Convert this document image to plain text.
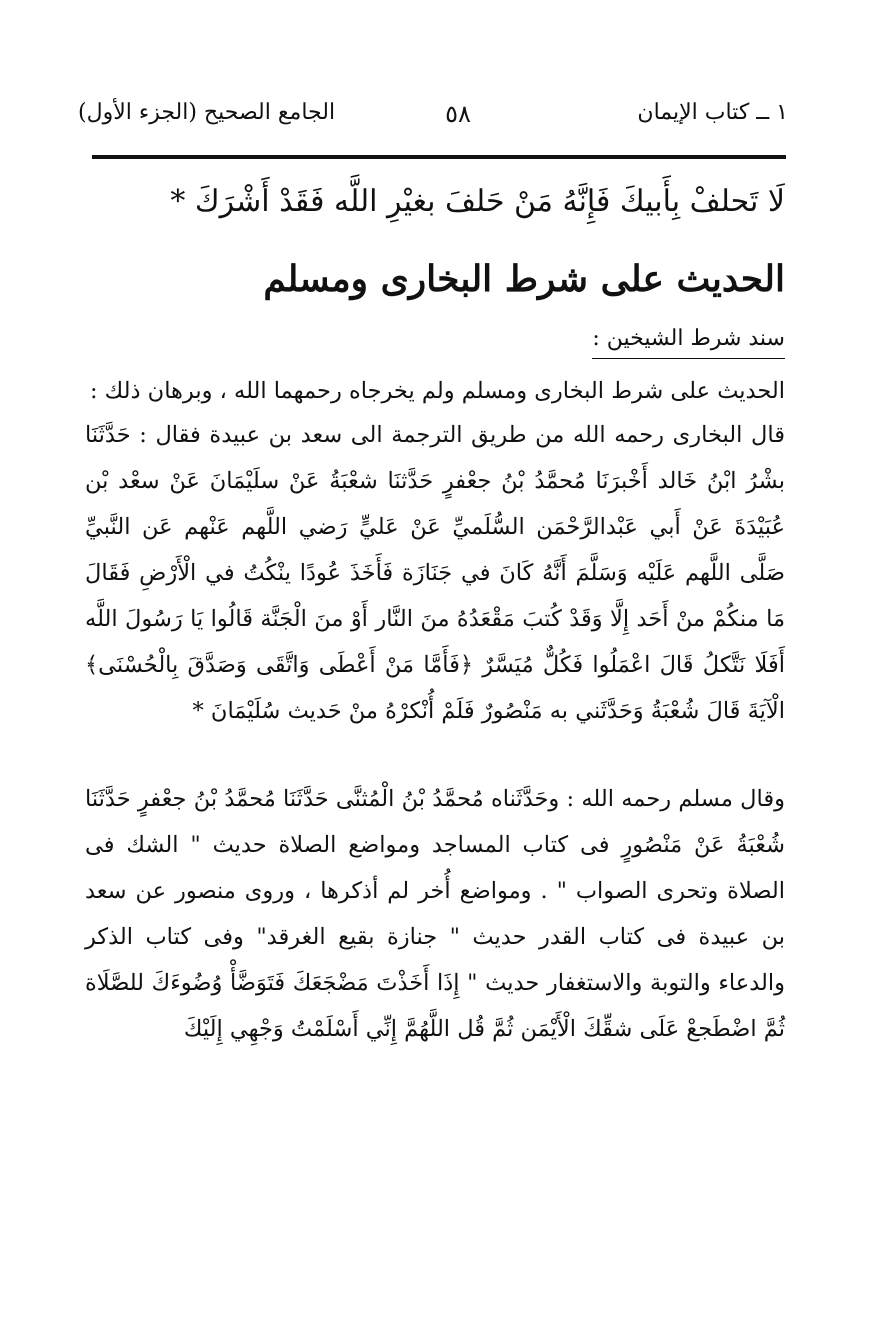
١ ــ كتاب الإيمان
٥٨
الجامع الصحيح (الجزء الأول)
لَا تَحلفْ بِأَبيكَ فَإِنَّهُ مَنْ حَلفَ بغيْرِ اللَّه فَقَدْ أَشْرَكَ *
الحديث على شرط البخارى ومسلم
سند شرط الشيخين :
الحديث على شرط البخارى ومسلم ولم يخرجاه رحمهما الله ، وبرهان ذلك :
قال البخارى رحمه الله من طريق الترجمة الى سعد بن عبيدة فقال : حَدَّثَنَا بشْرُ ابْنُ خَالد أَخْبرَنَا مُحمَّدُ بْنُ جعْفرٍ حَدَّثنَا شعْبَةُ عَنْ سلَيْمَانَ عَنْ سعْد بْن عُبَيْدَةَ عَنْ أَبي عَبْدالرَّحْمَن السُّلَميِّ عَنْ عَليٍّ رَضي اللَّهم عَنْهم عَن النَّبيِّ صَلَّى اللَّهم عَلَيْه وَسَلَّمَ أَنَّهُ كَانَ في جَنَازَة فَأَخَذَ عُودًا ينْكُتُ في الْأَرْضِ فَقَالَ مَا منكُمْ منْ أَحَد إِلَّا وَقَدْ كُتبَ مَقْعَدُهُ منَ النَّار أَوْ منَ الْجَنَّة قَالُوا يَا رَسُولَ اللَّه أَفَلَا نَتَّكلُ قَالَ اعْمَلُوا فَكُلٌّ مُيَسَّرٌ ﴿فَأَمَّا مَنْ أَعْطَى وَاتَّقَى وَصَدَّقَ بِالْحُسْنَى﴾ الْآيَةَ قَالَ شُعْبَةُ وَحَدَّثَني به مَنْصُورٌ فَلَمْ أُنْكرْهُ منْ حَديث سُلَيْمَانَ *
وقال مسلم رحمه الله : وحَدَّثَناه مُحمَّدُ بْنُ الْمُثنَّى حَدَّثَنَا مُحمَّدُ بْنُ جعْفرٍ حَدَّثَنَا شُعْبَةُ عَنْ مَنْصُورٍ فى كتاب المساجد ومواضع الصلاة حديث " الشك فى الصلاة وتحرى الصواب " . ومواضع أُخر لم أذكرها ، وروى منصور عن سعد بن عبيدة فى كتاب القدر حديث " جنازة بقيع الغرقد" وفى كتاب الذكر والدعاء والتوبة والاستغفار حديث " إِذَا أَخَذْتَ مَضْجَعَكَ فَتَوَضَّأْ وُضُوءَكَ للصَّلَاة ثُمَّ اضْطَجعْ عَلَى شقِّكَ الْأَيْمَن ثُمَّ قُل اللَّهُمَّ إِنِّي أَسْلَمْتُ وَجْهِي إِلَيْكَ
